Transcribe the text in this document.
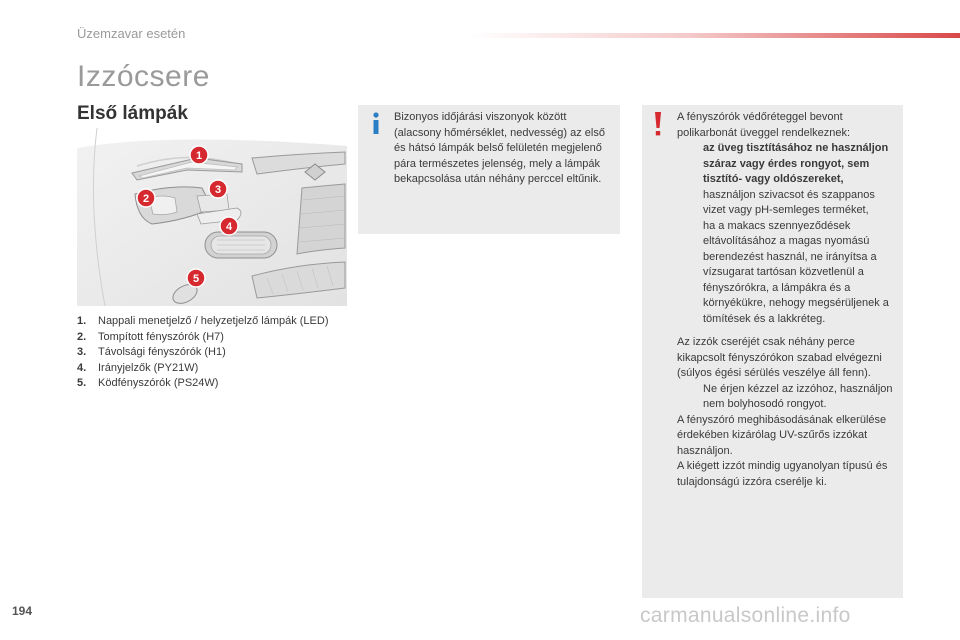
Üzemzavar esetén
Izzócsere
Első lámpák
1
2
3
4
5
1.	Nappali menetjelző / helyzetjelző lámpák (LED)
2.	Tompított fényszórók (H7)
3.	Távolsági fényszórók (H1)
4.	Irányjelzők (PY21W)
5.	Ködfényszórók (PS24W)
Bizonyos időjárási viszonyok között (alacsony hőmérséklet, nedvesség) az első és hátsó lámpák belső felületén megjelenő pára természetes jelenség, mely a lámpák bekapcsolása után néhány perccel eltűnik.

A fényszórók védőréteggel bevont polikarbonát üveggel rendelkeznek:

az üveg tisztításához ne használjon száraz vagy érdes rongyot, sem tisztító- vagy oldószereket,
használjon szivacsot és szappanos vizet vagy pH-semleges terméket,
ha a makacs szennyeződések eltávolításához a magas nyomású berendezést használ, ne irányítsa a vízsugarat tartósan közvetlenül a fényszórókra, a lámpákra és a környékükre, nehogy megsérüljenek a tömítések és a lakkréteg.

Az izzók cseréjét csak néhány perce kikapcsolt fényszórókon szabad elvégezni (súlyos égési sérülés veszélye áll fenn).

Ne érjen kézzel az izzóhoz, használjon nem bolyhosodó rongyot.

A fényszóró meghibásodásának elkerülése érdekében kizárólag UV-szűrős izzókat használjon.

A kiégett izzót mindig ugyanolyan típusú és tulajdonságú izzóra cserélje ki.

194	carmanualsonline.info
